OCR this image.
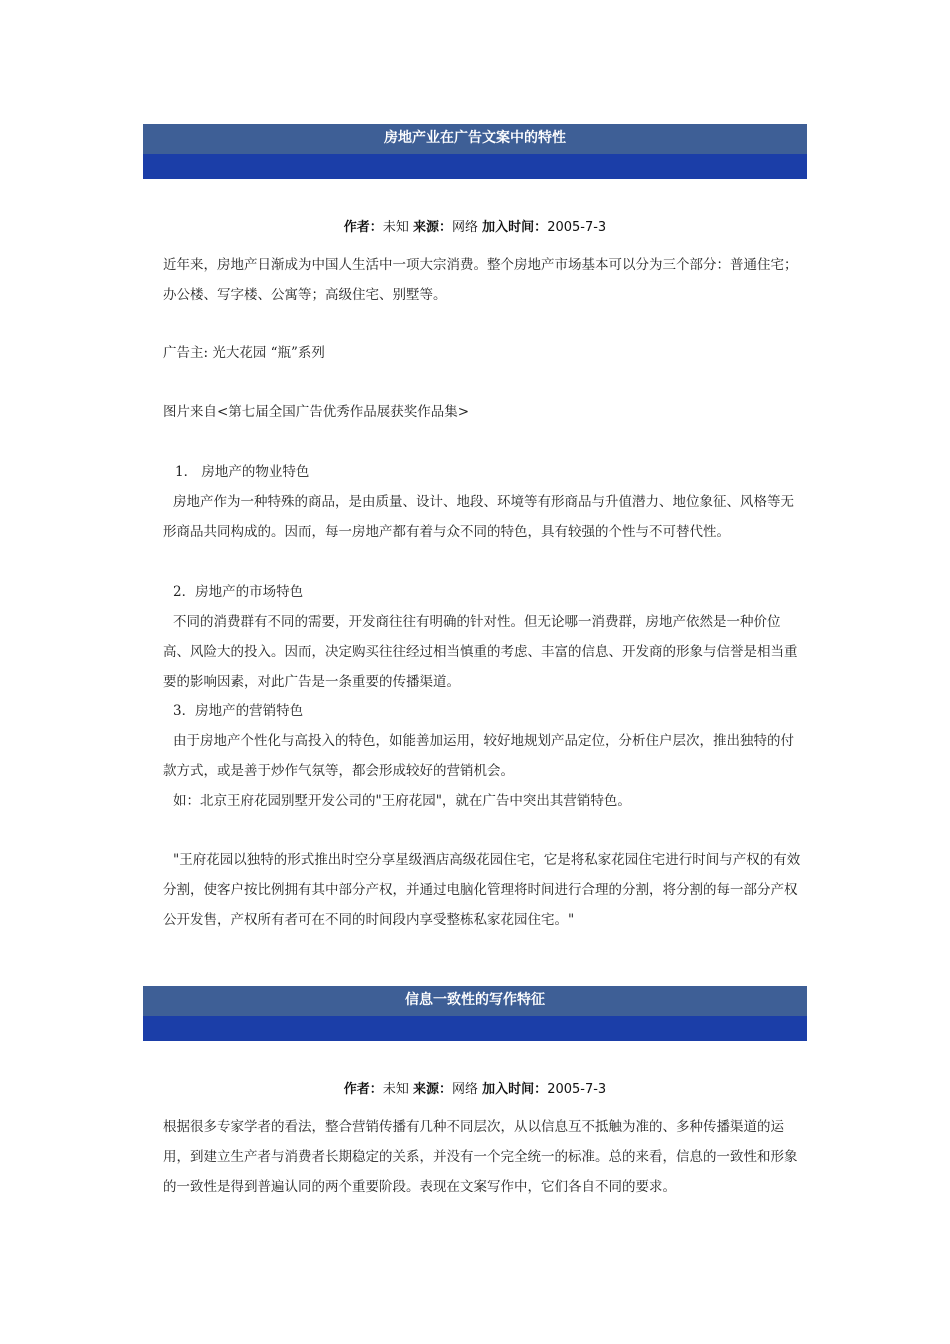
房地产业在广告文案中的特性
作者：未知 来源：网络 加入时间：2005-7-3

近年来，房地产日渐成为中国人生活中一项大宗消费。整个房地产市场基本可以分为三个部分：普通住宅；办公楼、写字楼、公寓等；高级住宅、别墅等。

广告主: 光大花园 “瓶”系列

图片来自<第七届全国广告优秀作品展获奖作品集>

1． 房地产的物业特色

房地产作为一种特殊的商品，是由质量、设计、地段、环境等有形商品与升值潜力、地位象征、风格等无形商品共同构成的。因而，每一房地产都有着与众不同的特色，具有较强的个性与不可替代性。

2．房地产的市场特色

不同的消费群有不同的需要，开发商往往有明确的针对性。但无论哪一消费群，房地产依然是一种价位高、风险大的投入。因而，决定购买往往经过相当慎重的考虑、丰富的信息、开发商的形象与信誉是相当重要的影响因素，对此广告是一条重要的传播渠道。

3．房地产的营销特色

由于房地产个性化与高投入的特色，如能善加运用，较好地规划产品定位，分析住户层次，推出独特的付款方式，或是善于炒作气氛等，都会形成较好的营销机会。

如：北京王府花园别墅开发公司的"王府花园"，就在广告中突出其营销特色。

"王府花园以独特的形式推出时空分享星级酒店高级花园住宅，它是将私家花园住宅进行时间与产权的有效分割，使客户按比例拥有其中部分产权，并通过电脑化管理将时间进行合理的分割，将分割的每一部分产权公开发售，产权所有者可在不同的时间段内享受整栋私家花园住宅。"

信息一致性的写作特征
作者：未知 来源：网络 加入时间：2005-7-3

根据很多专家学者的看法，整合营销传播有几种不同层次，从以信息互不抵触为准的、多种传播渠道的运用，到建立生产者与消费者长期稳定的关系，并没有一个完全统一的标准。总的来看，信息的一致性和形象的一致性是得到普遍认同的两个重要阶段。表现在文案写作中，它们各自不同的要求。
